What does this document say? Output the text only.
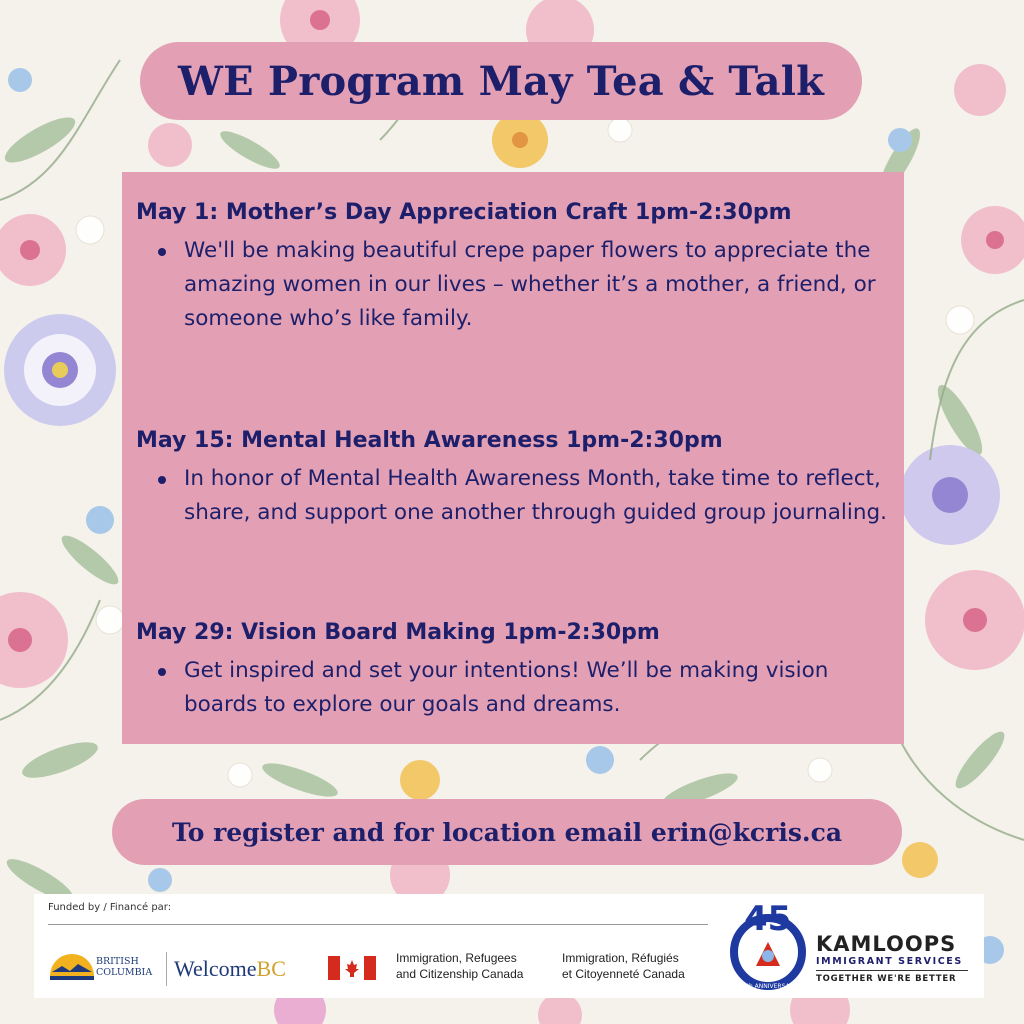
WE Program May Tea & Talk
May 1: Mother’s Day Appreciation Craft 1pm-2:30pm
We'll be making beautiful crepe paper flowers to appreciate the amazing women in our lives – whether it’s a mother, a friend, or someone who’s like family.
May 15: Mental Health Awareness 1pm-2:30pm
In honor of Mental Health Awareness Month, take time to reflect, share, and support one another through guided group journaling.
May 29: Vision Board Making 1pm-2:30pm
Get inspired and set your intentions! We’ll be making vision boards to explore our goals and dreams.
To register and for location email erin@kcris.ca
Funded by / Financé par:
BRITISH
COLUMBIA WelcomeBC	Immigration, Refugees
and Citizenship Canada
Immigration, Réfugiés
et Citoyenneté Canada
45
45th ANNIVERSARY
KAMLOOPS
IMMIGRANT SERVICES
TOGETHER WE'RE BETTER
